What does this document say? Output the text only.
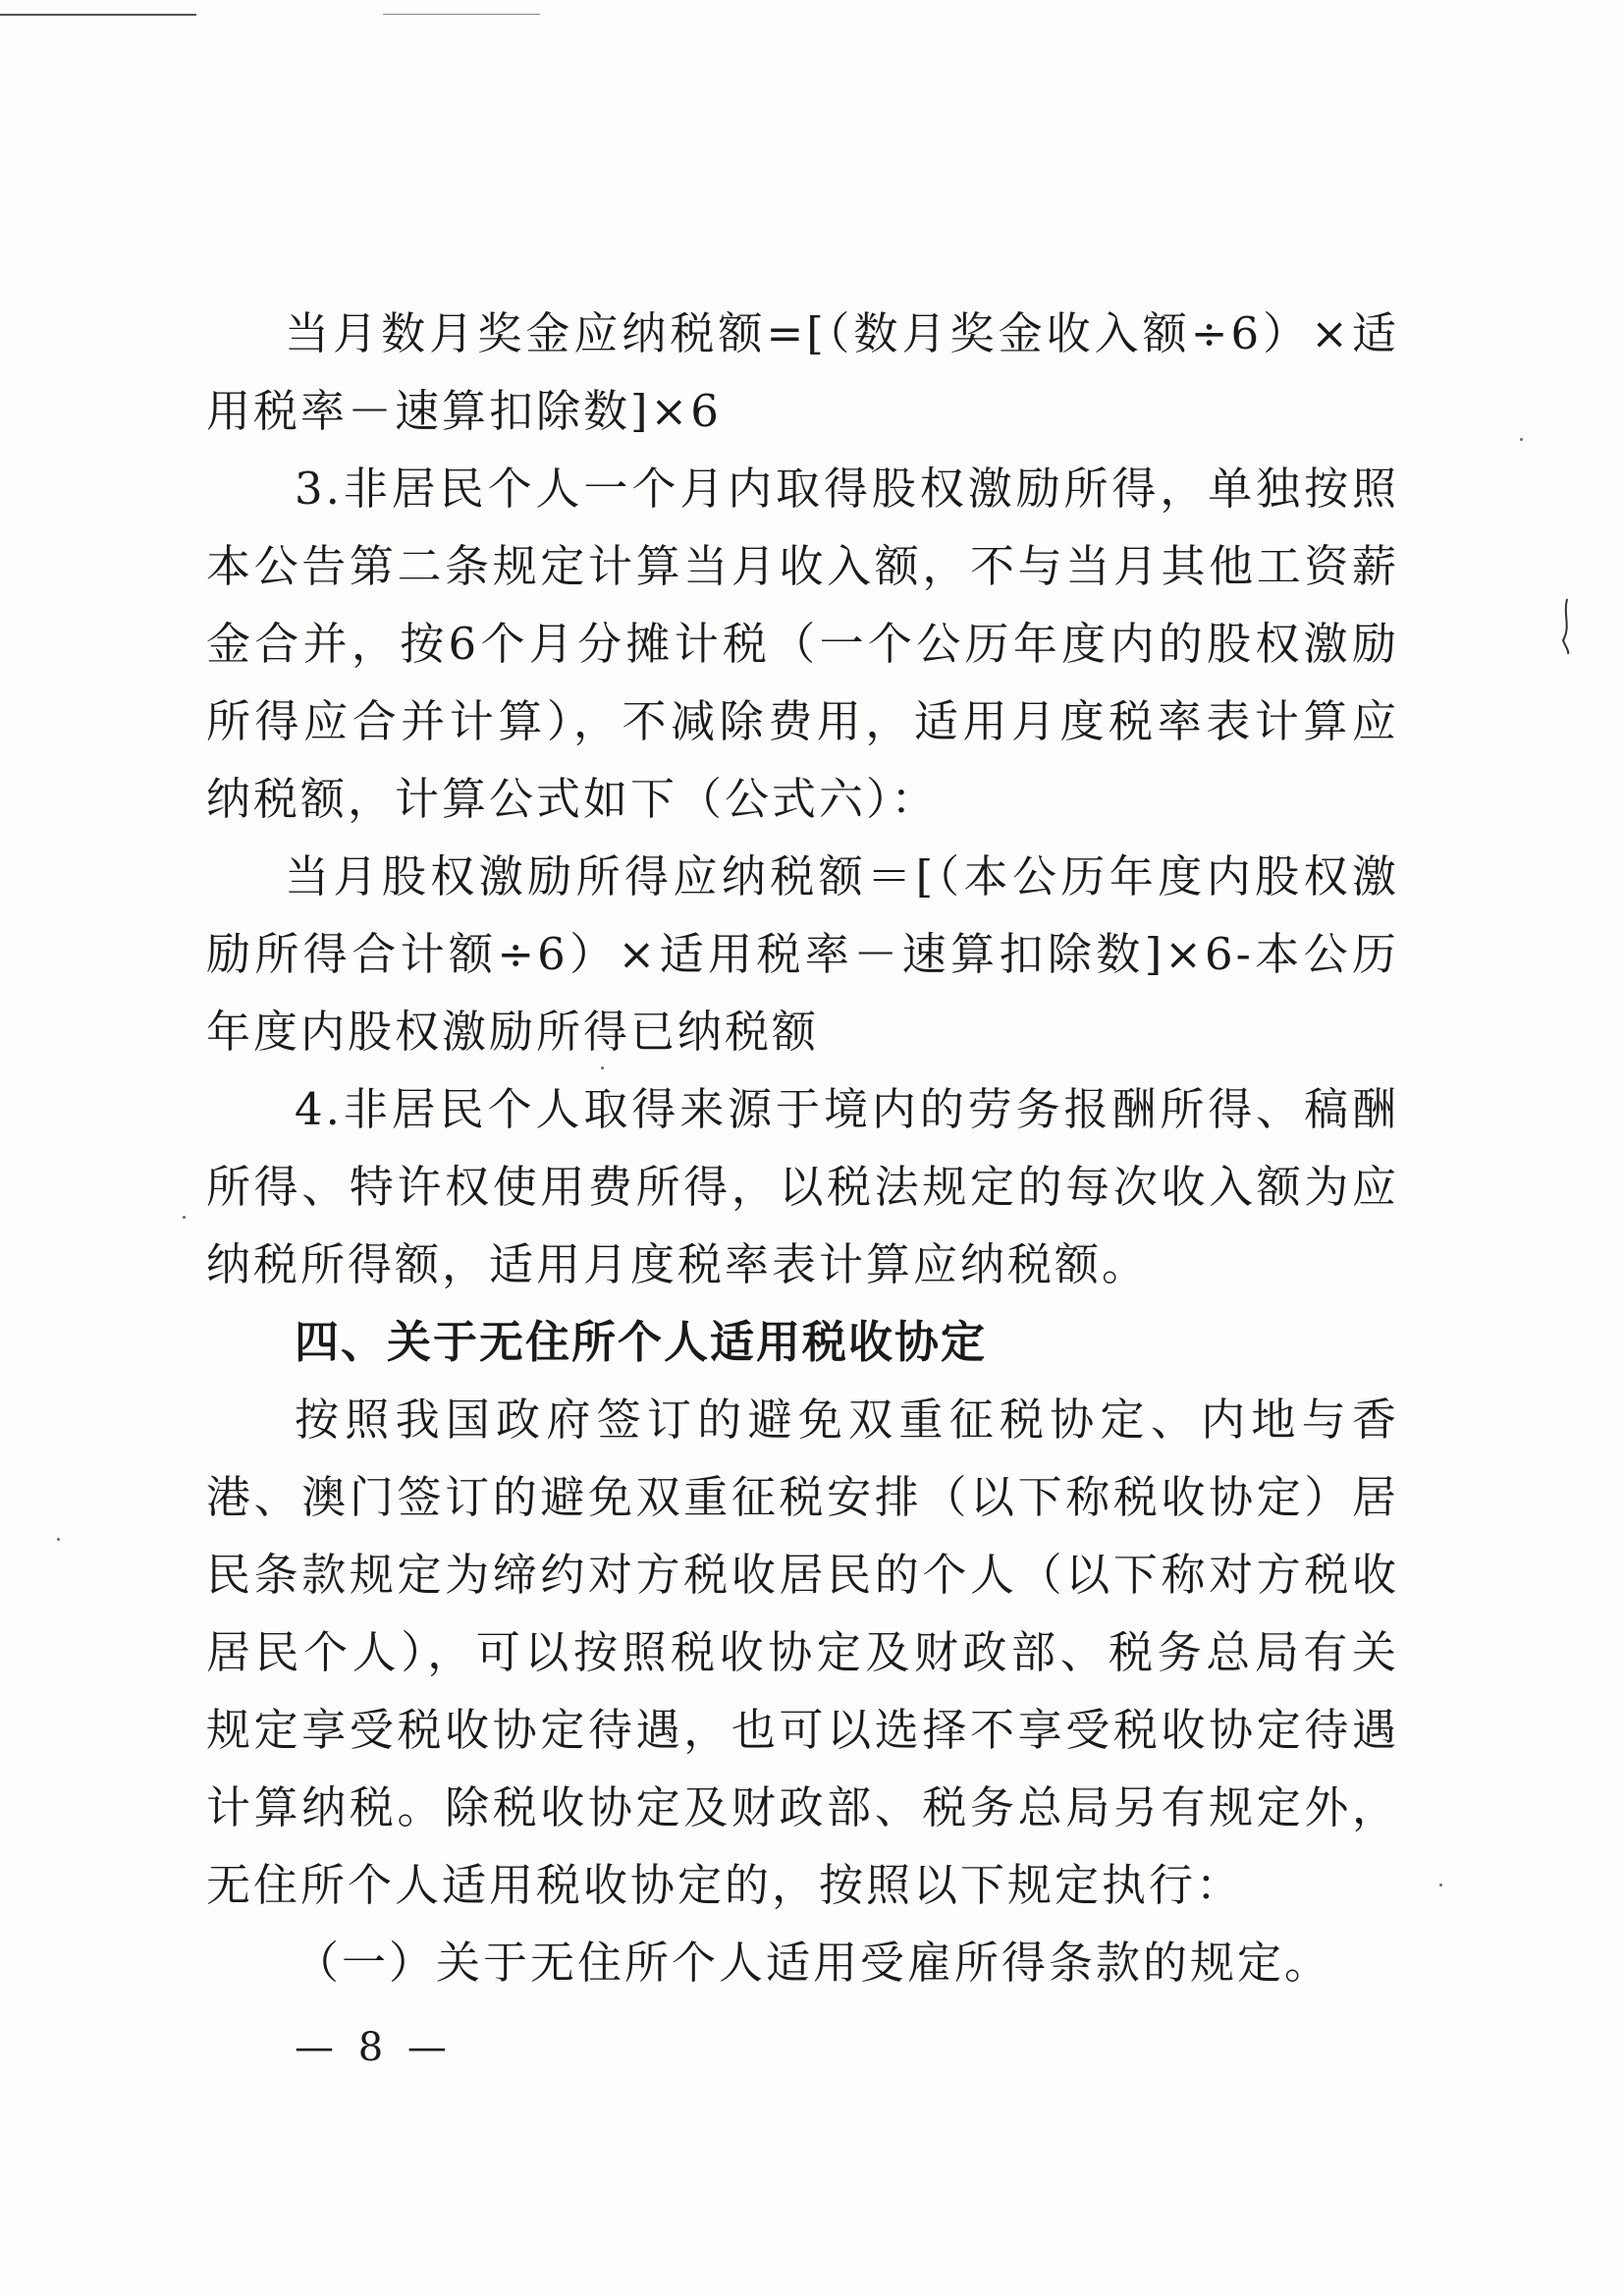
当月数月奖金应纳税额=[（数月奖金收入额÷6）×适用税率－速算扣除数]×6

3.非居民个人一个月内取得股权激励所得，单独按照本公告第二条规定计算当月收入额，不与当月其他工资薪金合并，按6个月分摊计税（一个公历年度内的股权激励所得应合并计算），不减除费用，适用月度税率表计算应纳税额，计算公式如下（公式六）：

当月股权激励所得应纳税额＝[（本公历年度内股权激励所得合计额÷6）×适用税率－速算扣除数]×6-本公历年度内股权激励所得已纳税额

4.非居民个人取得来源于境内的劳务报酬所得、稿酬所得、特许权使用费所得，以税法规定的每次收入额为应纳税所得额，适用月度税率表计算应纳税额。

四、关于无住所个人适用税收协定

按照我国政府签订的避免双重征税协定、内地与香港、澳门签订的避免双重征税安排（以下称税收协定）居民条款规定为缔约对方税收居民的个人（以下称对方税收居民个人），可以按照税收协定及财政部、税务总局有关规定享受税收协定待遇，也可以选择不享受税收协定待遇计算纳税。除税收协定及财政部、税务总局另有规定外，无住所个人适用税收协定的，按照以下规定执行：

（一）关于无住所个人适用受雇所得条款的规定。

— 8 —
